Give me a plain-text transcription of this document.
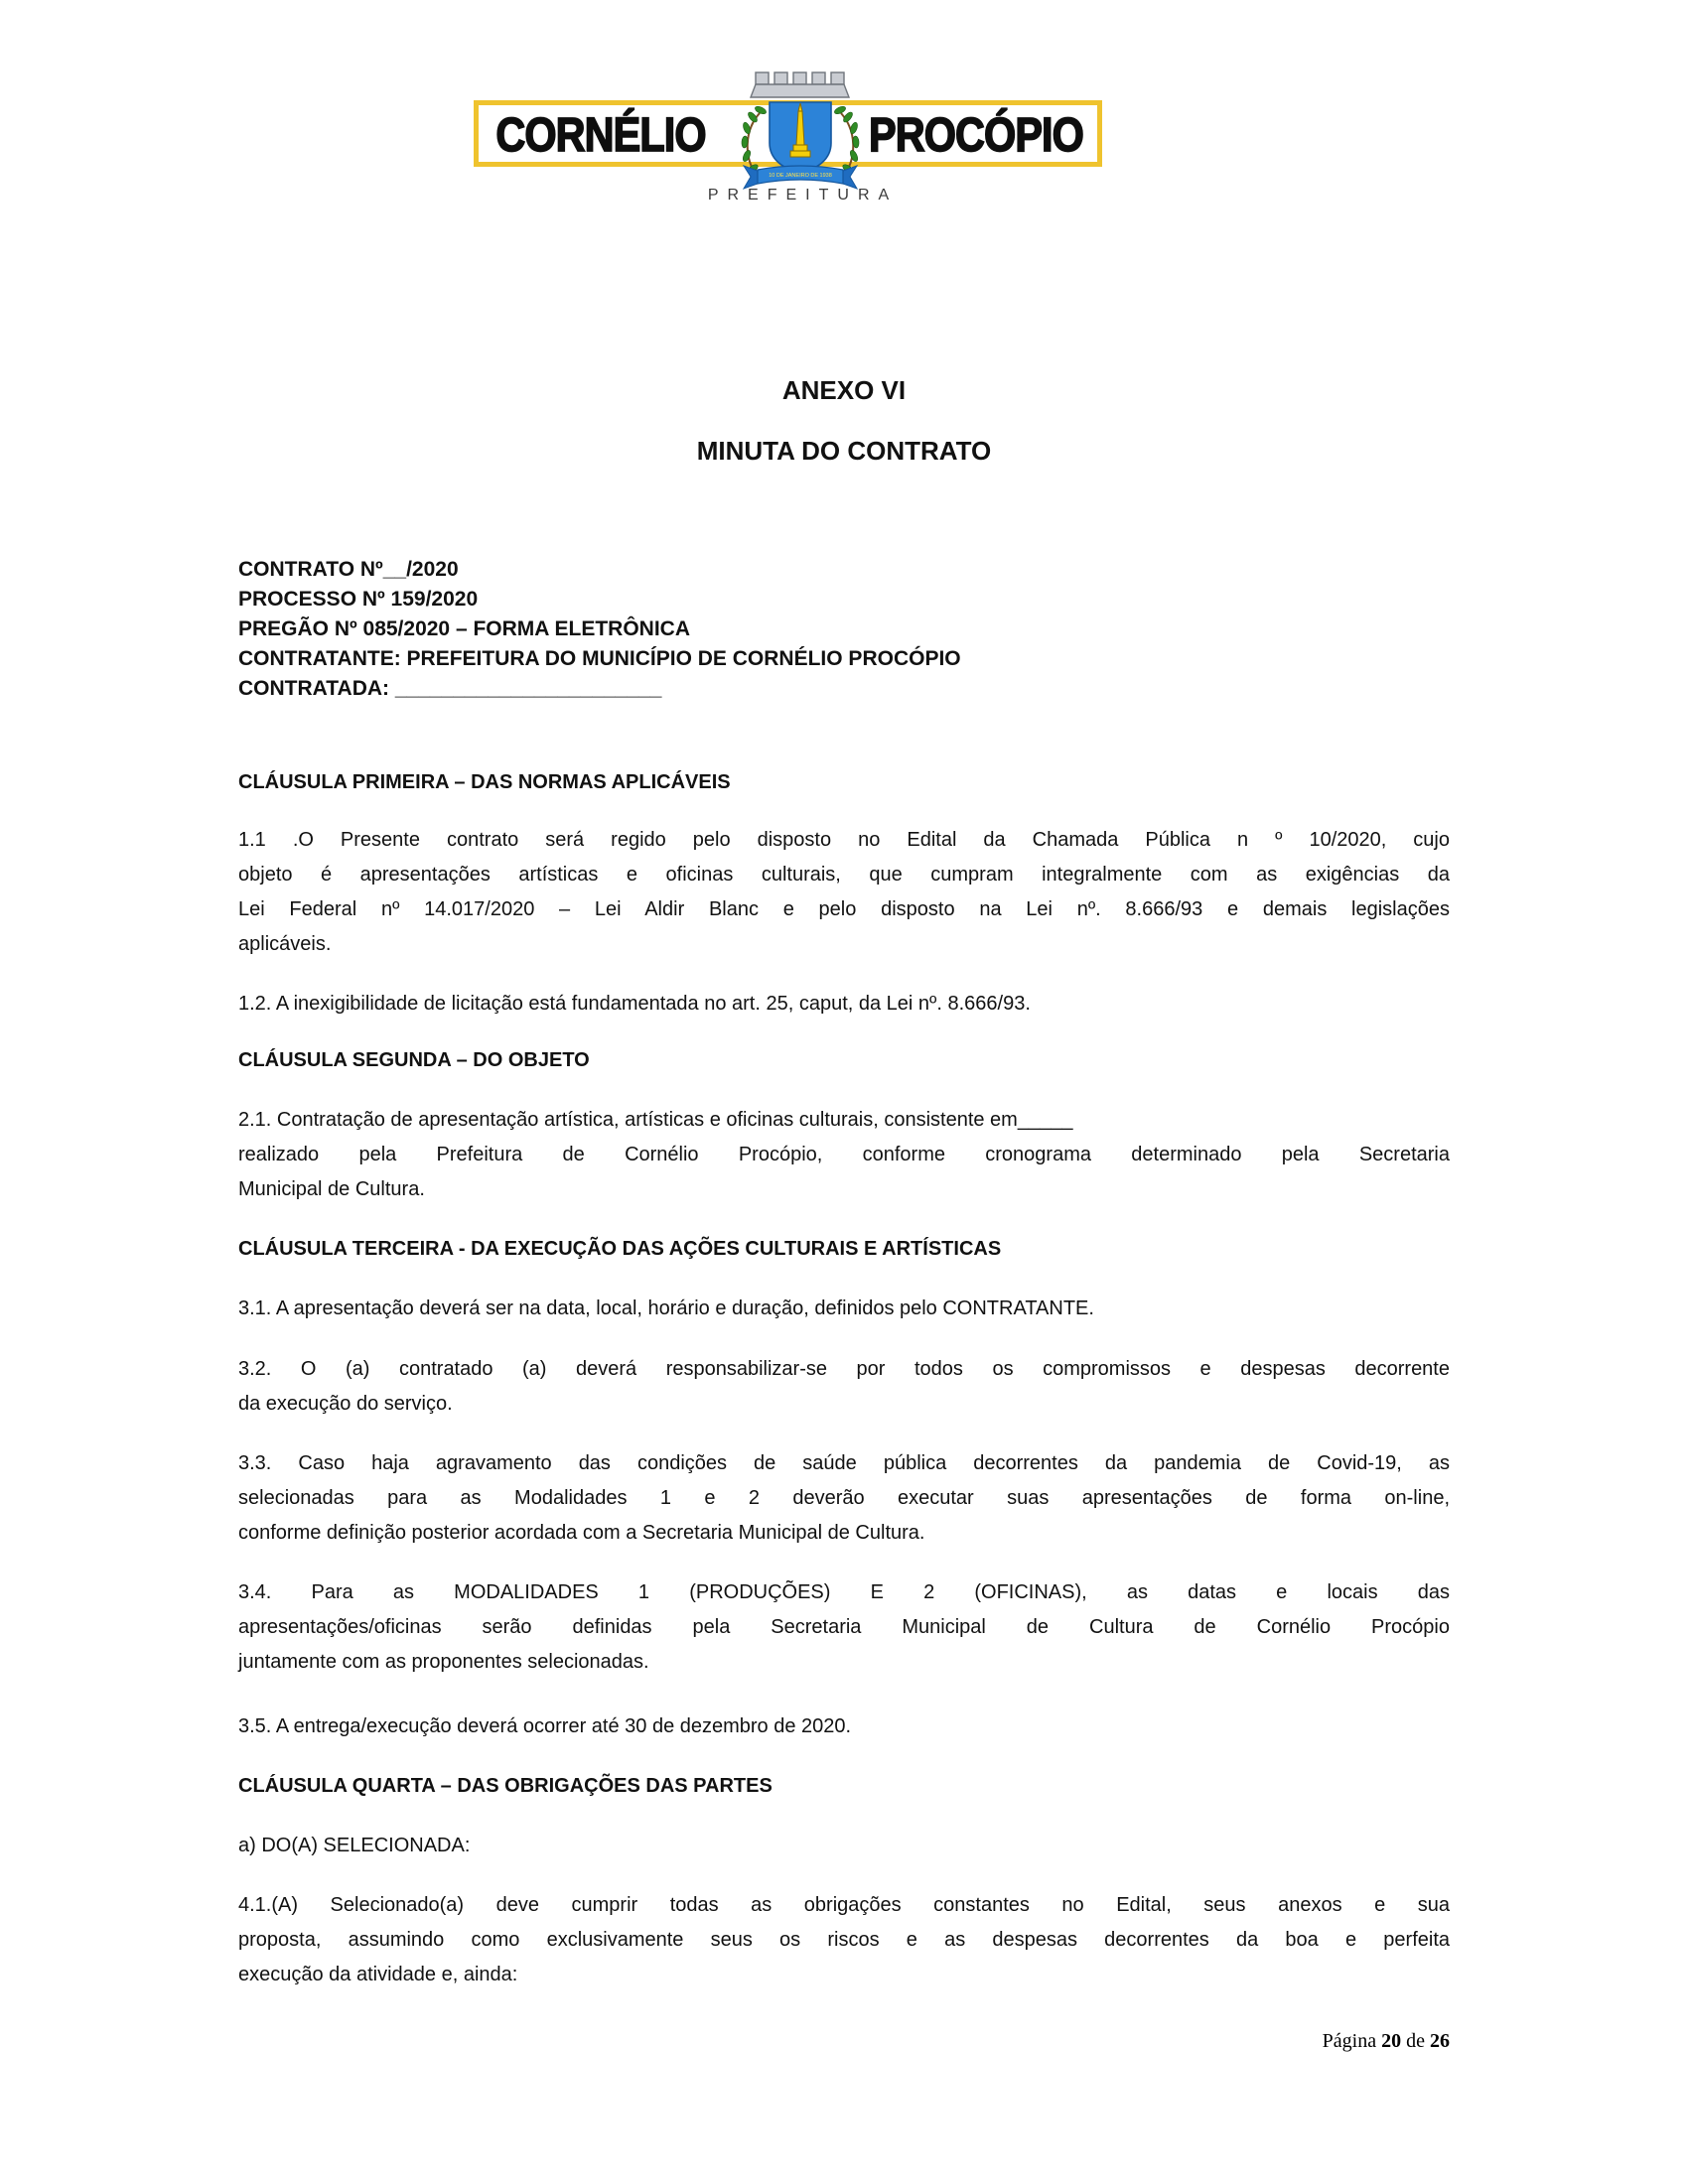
CORNÉLIO	PROCÓPIO
10 DE JANEIRO DE 1938
PREFEITURA
ANEXO VI
MINUTA DO CONTRATO
CONTRATO Nº__/2020
PROCESSO Nº 159/2020
PREGÃO Nº 085/2020 – FORMA ELETRÔNICA
CONTRATANTE: PREFEITURA DO MUNICÍPIO DE CORNÉLIO PROCÓPIO
CONTRATADA: _______________________
CLÁUSULA PRIMEIRA – DAS NORMAS APLICÁVEIS
1.1 .O Presente contrato será regido pelo disposto no Edital da Chamada Pública n º 10/2020, cujo
objeto é apresentações artísticas e oficinas culturais, que cumpram integralmente com as exigências da
Lei Federal nº 14.017/2020 – Lei Aldir Blanc e pelo disposto na Lei nº. 8.666/93 e demais legislações
aplicáveis.
1.2. A inexigibilidade de licitação está fundamentada no art. 25, caput, da Lei nº. 8.666/93.
CLÁUSULA SEGUNDA – DO OBJETO
2.1. Contratação de apresentação artística, artísticas e oficinas culturais, consistente em_____
realizado pela Prefeitura de Cornélio Procópio, conforme cronograma determinado pela Secretaria
Municipal de Cultura.
CLÁUSULA TERCEIRA - DA EXECUÇÃO DAS AÇÕES CULTURAIS E ARTÍSTICAS
3.1. A apresentação deverá ser na data, local, horário e duração, definidos pelo CONTRATANTE.
3.2. O (a) contratado (a) deverá responsabilizar-se por todos os compromissos e despesas decorrente
da execução do serviço.
3.3. Caso haja agravamento das condições de saúde pública decorrentes da pandemia de Covid-19, as
selecionadas para as Modalidades 1 e 2 deverão executar suas apresentações de forma on-line,
conforme definição posterior acordada com a Secretaria Municipal de Cultura.
3.4. Para as MODALIDADES 1 (PRODUÇÕES) E 2 (OFICINAS), as datas e locais das
apresentações/oficinas serão definidas pela Secretaria Municipal de Cultura de Cornélio Procópio
juntamente com as proponentes selecionadas.
3.5. A entrega/execução deverá ocorrer até 30 de dezembro de 2020.
CLÁUSULA QUARTA – DAS OBRIGAÇÕES DAS PARTES
a) DO(A) SELECIONADA:
4.1.(A) Selecionado(a) deve cumprir todas as obrigações constantes no Edital, seus anexos e sua
proposta, assumindo como exclusivamente seus os riscos e as despesas decorrentes da boa e perfeita
execução da atividade e, ainda:
Página 20 de 26
